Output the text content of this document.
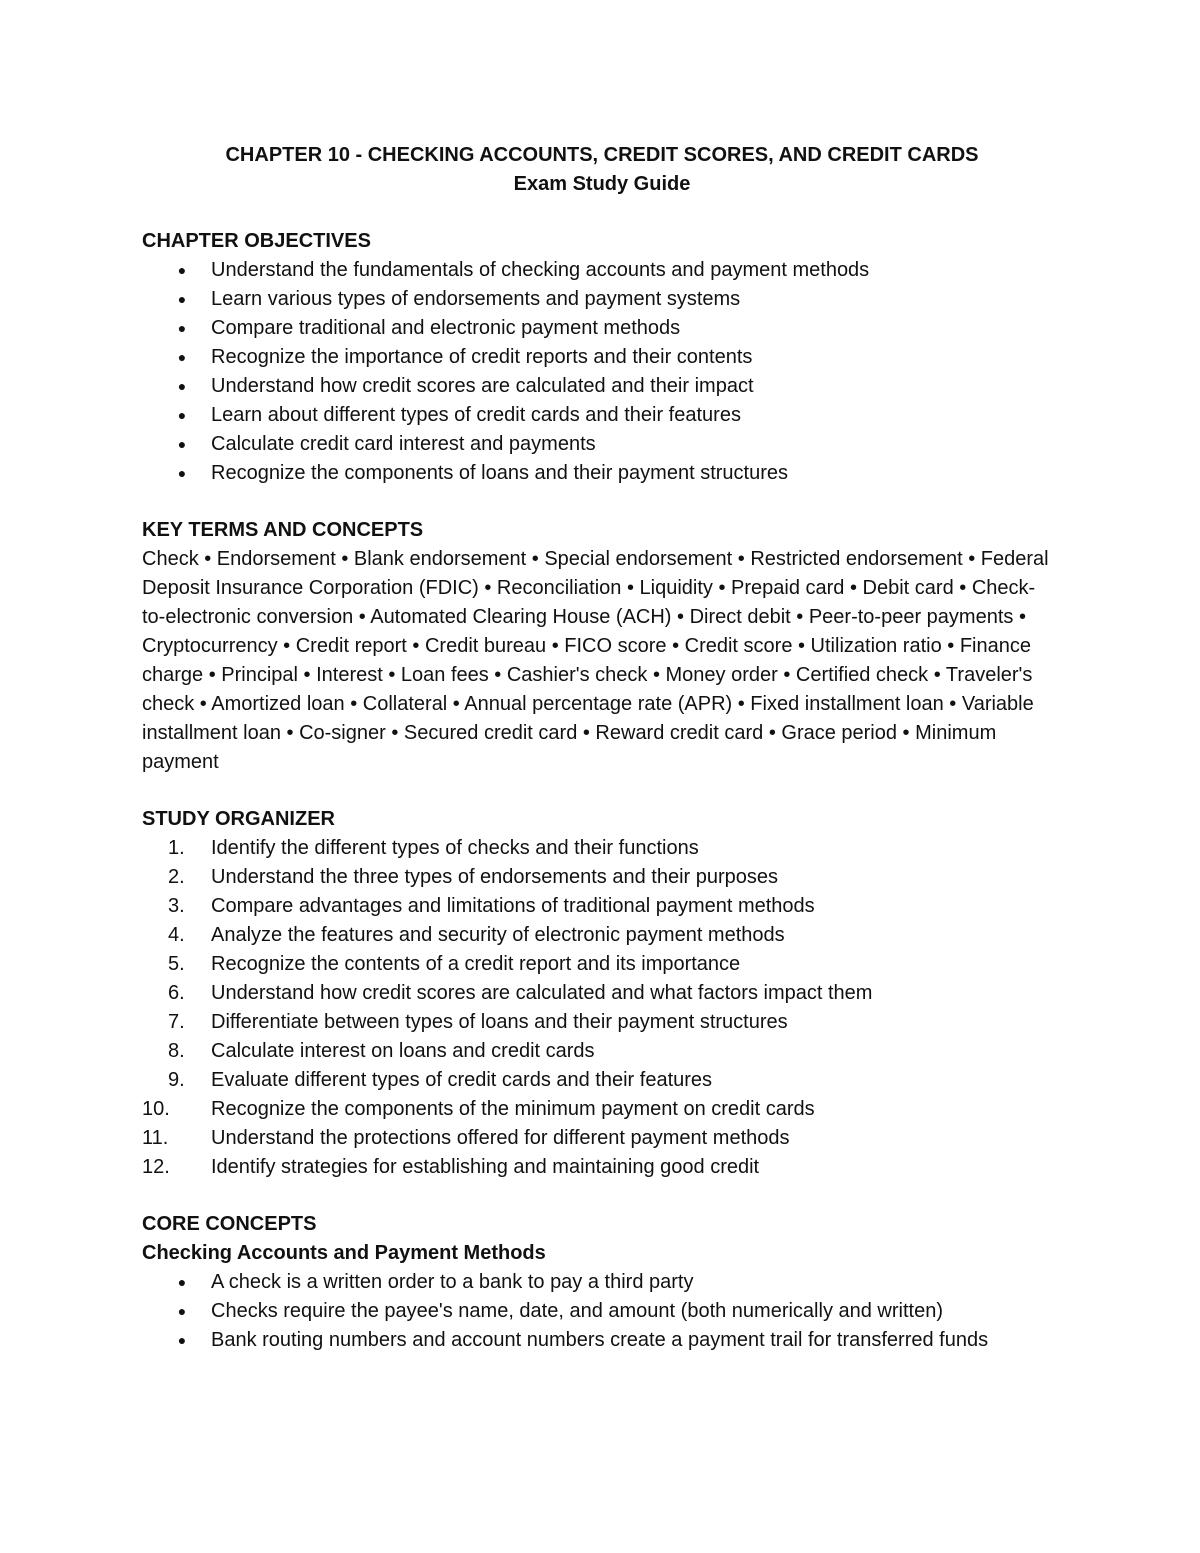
CHAPTER 10 - CHECKING ACCOUNTS, CREDIT SCORES, AND CREDIT CARDS

Exam Study Guide

CHAPTER OBJECTIVES

● Understand the fundamentals of checking accounts and payment methods
● Learn various types of endorsements and payment systems
● Compare traditional and electronic payment methods
● Recognize the importance of credit reports and their contents
● Understand how credit scores are calculated and their impact
● Learn about different types of credit cards and their features
● Calculate credit card interest and payments
● Recognize the components of loans and their payment structures

KEY TERMS AND CONCEPTS

Check • Endorsement • Blank endorsement • Special endorsement • Restricted endorsement • Federal Deposit Insurance Corporation (FDIC) • Reconciliation • Liquidity • Prepaid card • Debit card • Check-to-electronic conversion • Automated Clearing House (ACH) • Direct debit • Peer-to-peer payments • Cryptocurrency • Credit report • Credit bureau • FICO score • Credit score • Utilization ratio • Finance charge • Principal • Interest • Loan fees • Cashier's check • Money order • Certified check • Traveler's check • Amortized loan • Collateral • Annual percentage rate (APR) • Fixed installment loan • Variable installment loan • Co-signer • Secured credit card • Reward credit card • Grace period • Minimum payment

STUDY ORGANIZER

1.	Identify the different types of checks and their functions
2.	Understand the three types of endorsements and their purposes
3.	Compare advantages and limitations of traditional payment methods
4.	Analyze the features and security of electronic payment methods
5.	Recognize the contents of a credit report and its importance
6.	Understand how credit scores are calculated and what factors impact them
7.	Differentiate between types of loans and their payment structures
8.	Calculate interest on loans and credit cards
9.	Evaluate different types of credit cards and their features
10.	Recognize the components of the minimum payment on credit cards
11.	Understand the protections offered for different payment methods
12.	Identify strategies for establishing and maintaining good credit

CORE CONCEPTS

Checking Accounts and Payment Methods

● A check is a written order to a bank to pay a third party
● Checks require the payee's name, date, and amount (both numerically and written)
● Bank routing numbers and account numbers create a payment trail for transferred funds
